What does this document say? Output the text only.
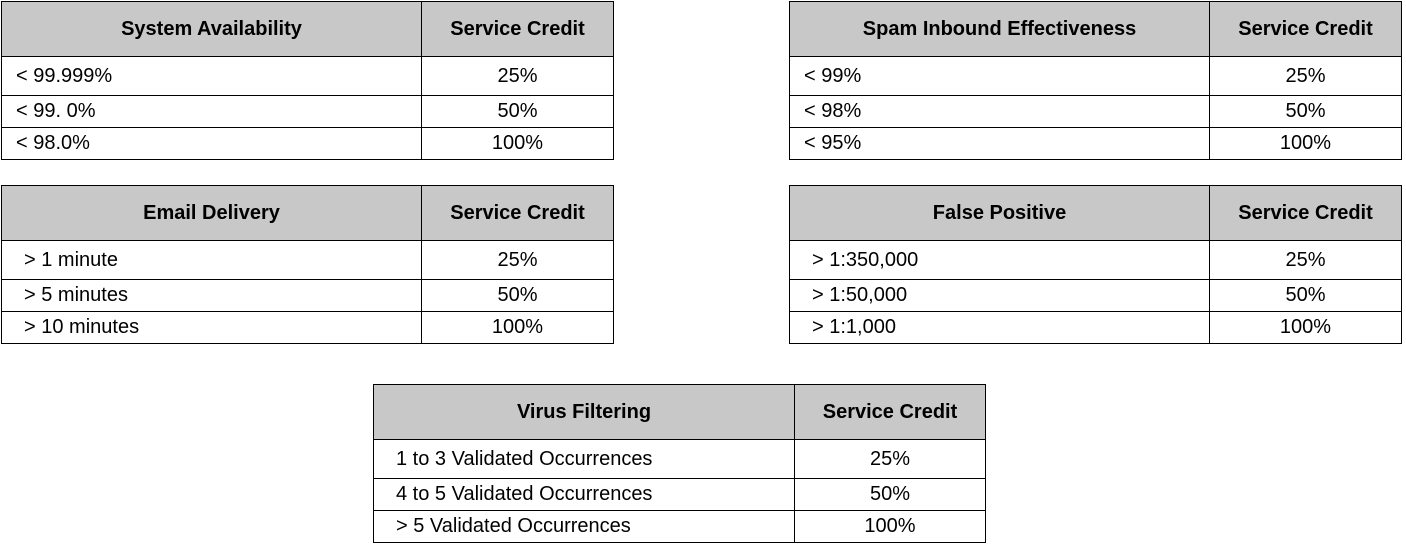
System Availability	Service Credit
< 99.999%	25%
< 99. 0%	50%
< 98.0%	100%
Spam Inbound Effectiveness	Service Credit
< 99%	25%
< 98%	50%
< 95%	100%
Email Delivery	Service Credit
> 1 minute	25%
> 5 minutes	50%
> 10 minutes	100%
False Positive	Service Credit
> 1:350,000	25%
> 1:50,000	50%
> 1:1,000	100%
Virus Filtering	Service Credit
1 to 3 Validated Occurrences	25%
4 to 5 Validated Occurrences	50%
> 5 Validated Occurrences	100%
